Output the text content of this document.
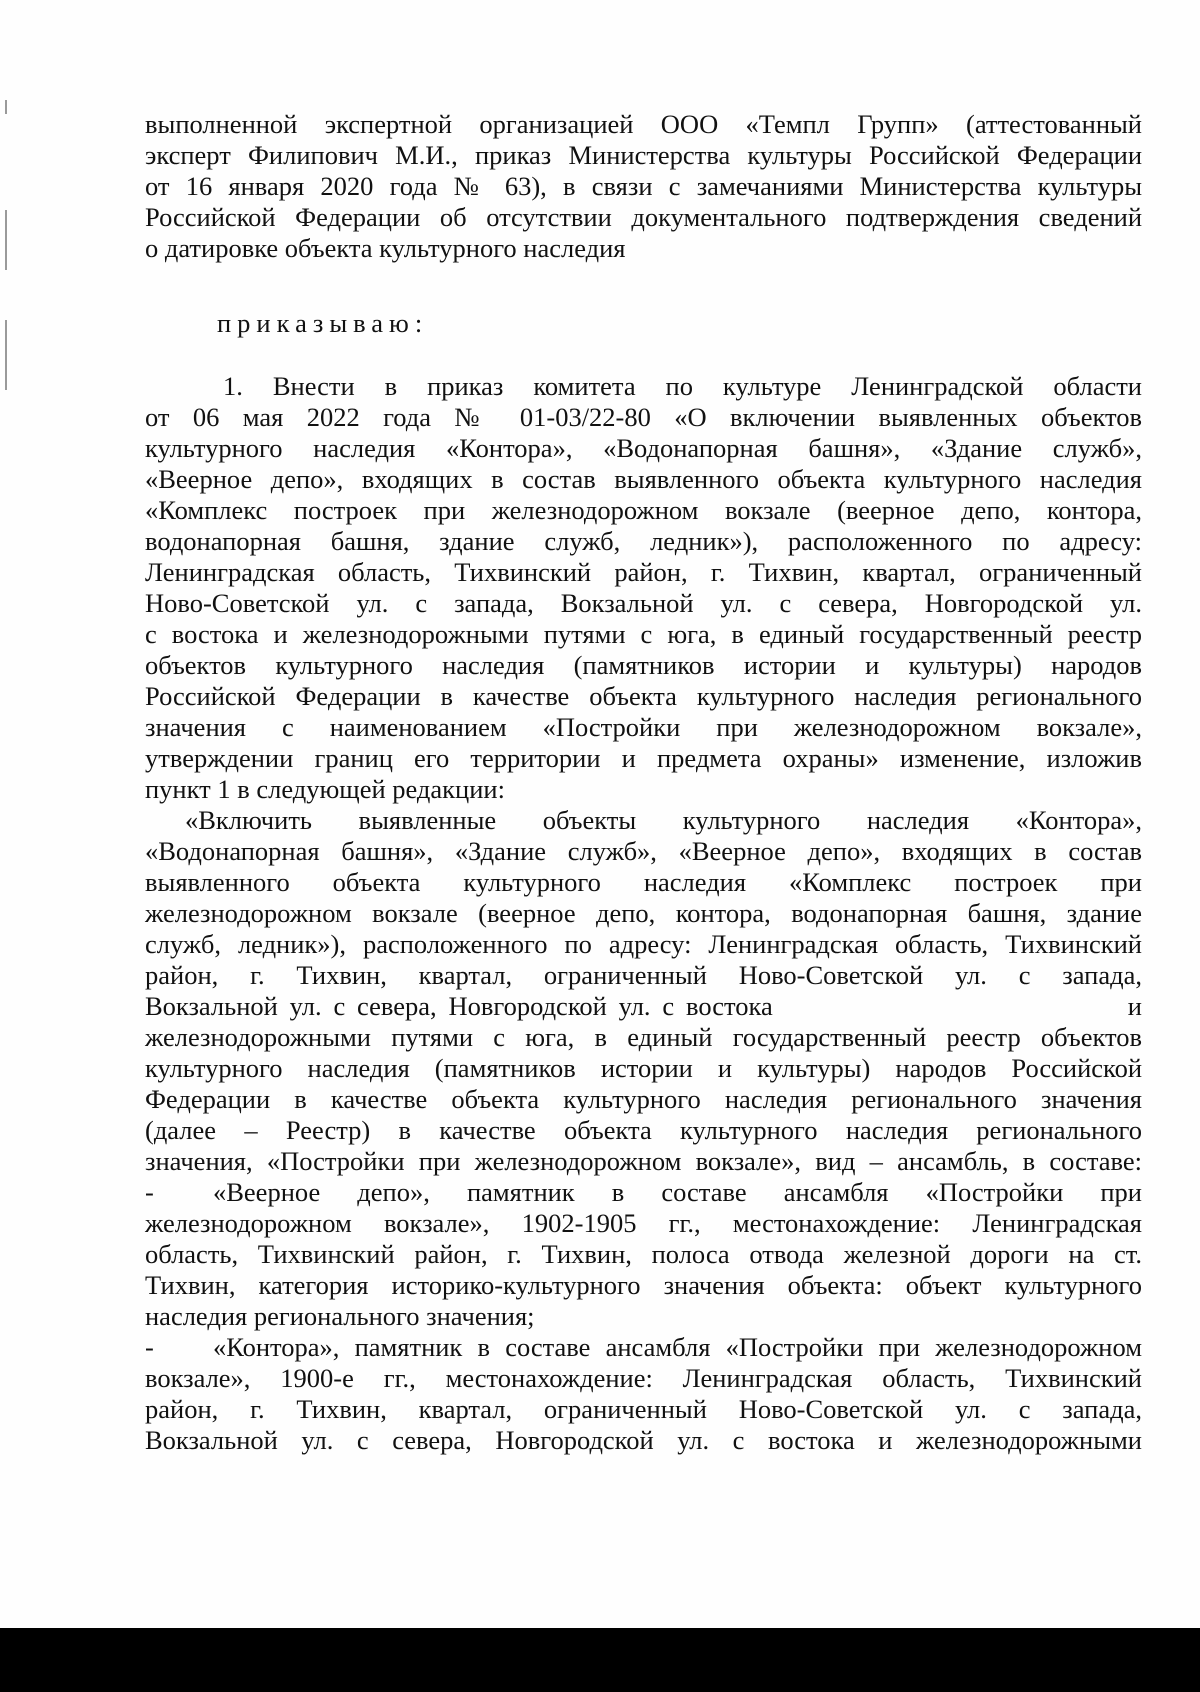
выполненной экспертной организацией ООО «Темпл Групп» (аттестованный
эксперт Филипович М.И., приказ Министерства культуры Российской Федерации
от 16 января 2020 года № 63), в связи с замечаниями Министерства культуры
Российской Федерации об отсутствии документального подтверждения сведений
о датировке объекта культурного наследия
приказываю:
1. Внести в приказ комитета по культуре Ленинградской области
от 06 мая 2022 года № 01-03/22-80 «О включении выявленных объектов
культурного наследия «Контора», «Водонапорная башня», «Здание служб»,
«Веерное депо», входящих в состав выявленного объекта культурного наследия
«Комплекс построек при железнодорожном вокзале (веерное депо, контора,
водонапорная башня, здание служб, ледник»), расположенного по адресу:
Ленинградская область, Тихвинский район, г. Тихвин, квартал, ограниченный
Ново-Советской ул. с запада, Вокзальной ул. с севера, Новгородской ул.
с востока и железнодорожными путями с юга, в единый государственный реестр
объектов культурного наследия (памятников истории и культуры) народов
Российской Федерации в качестве объекта культурного наследия регионального
значения с наименованием «Постройки при железнодорожном вокзале»,
утверждении границ его территории и предмета охраны» изменение, изложив
пункт 1 в следующей редакции:
«Включить выявленные объекты культурного наследия «Контора»,
«Водонапорная башня», «Здание служб», «Веерное депо», входящих в состав
выявленного объекта культурного наследия «Комплекс построек при
железнодорожном вокзале (веерное депо, контора, водонапорная башня, здание
служб, ледник»), расположенного по адресу: Ленинградская область, Тихвинский
район, г. Тихвин, квартал, ограниченный Ново-Советской ул. с запада,
Вокзальной ул. с севера, Новгородской ул. с востока                              и
железнодорожными путями с юга, в единый государственный реестр объектов
культурного наследия (памятников истории и культуры) народов Российской
Федерации в качестве объекта культурного наследия регионального значения
(далее – Реестр) в качестве объекта культурного наследия регионального
значения, «Постройки при железнодорожном вокзале», вид – ансамбль, в составе:
-	«Веерное депо», памятник в составе ансамбля «Постройки при
железнодорожном вокзале», 1902-1905 гг., местонахождение: Ленинградская
область, Тихвинский район, г. Тихвин, полоса отвода железной дороги на ст.
Тихвин, категория историко-культурного значения объекта: объект культурного
наследия регионального значения;
-	«Контора», памятник в составе ансамбля «Постройки при железнодорожном
вокзале», 1900-е гг., местонахождение: Ленинградская область, Тихвинский
район, г. Тихвин, квартал, ограниченный Ново-Советской ул. с запада,
Вокзальной ул. с севера, Новгородской ул. с востока и железнодорожными
